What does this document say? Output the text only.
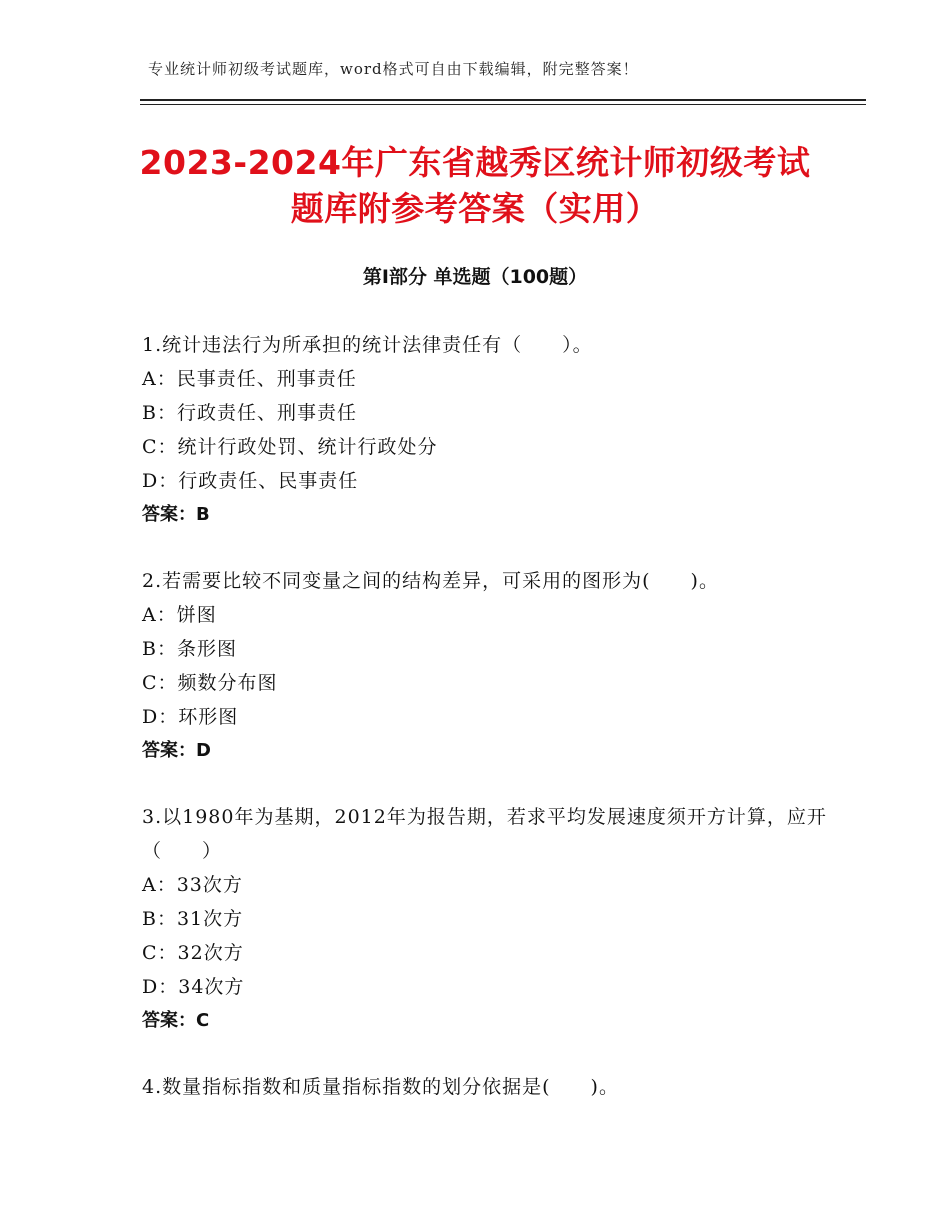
专业统计师初级考试题库，word格式可自由下载编辑，附完整答案！
2023-2024年广东省越秀区统计师初级考试
题库附参考答案（实用）
第Ⅰ部分 单选题（100题）
1.统计违法行为所承担的统计法律责任有（　　）。
A：民事责任、刑事责任
B：行政责任、刑事责任
C：统计行政处罚、统计行政处分
D：行政责任、民事责任
答案：B
2.若需要比较不同变量之间的结构差异，可采用的图形为(　　)。
A：饼图
B：条形图
C：频数分布图
D：环形图
答案：D
3.以1980年为基期，2012年为报告期，若求平均发展速度须开方计算，应开（　　）
A：33次方
B：31次方
C：32次方
D：34次方
答案：C
4.数量指标指数和质量指标指数的划分依据是(　　)。
